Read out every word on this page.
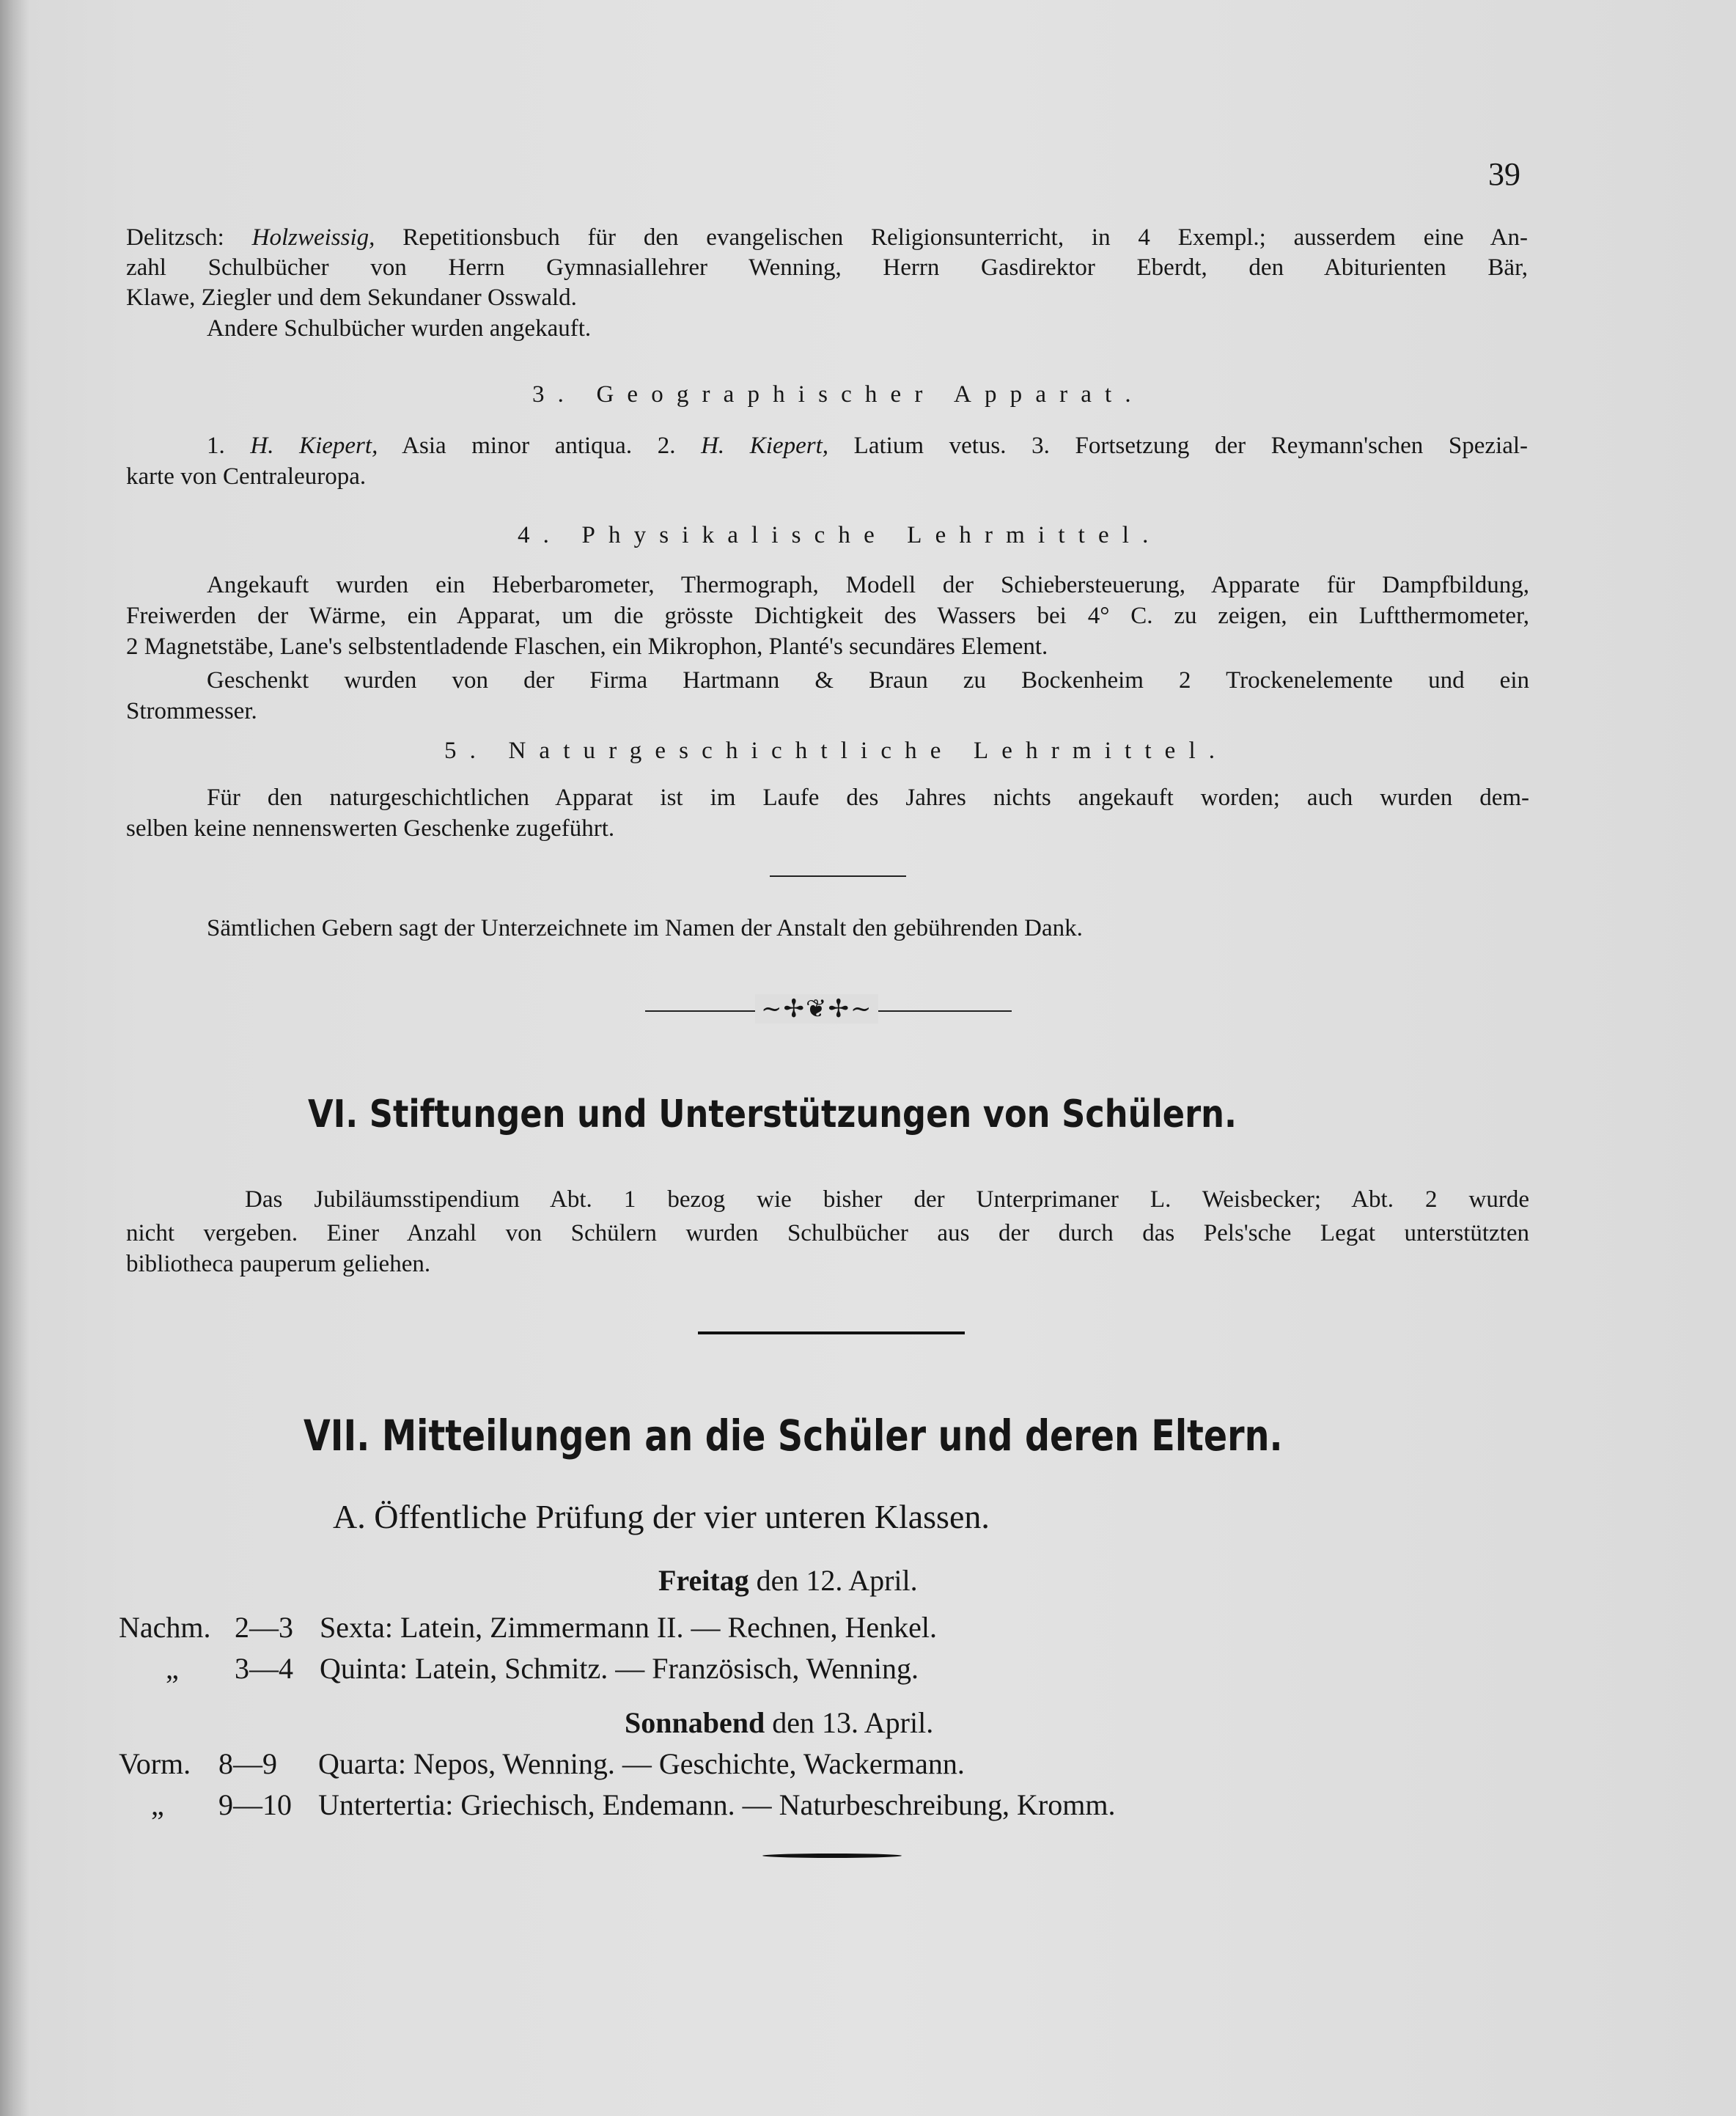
39
Delitzsch: Holzweissig, Repetitionsbuch für den evangelischen Religionsunterricht, in 4 Exempl.; ausserdem eine An-
zahl Schulbücher von Herrn Gymnasiallehrer Wenning, Herrn Gasdirektor Eberdt, den Abiturienten Bär,
Klawe, Ziegler und dem Sekundaner Osswald.
Andere Schulbücher wurden angekauft.
3. Geographischer Apparat.
1. H. Kiepert, Asia minor antiqua. 2. H. Kiepert, Latium vetus. 3. Fortsetzung der Reymann'schen Spezial-
karte von Centraleuropa.
4. Physikalische Lehrmittel.
Angekauft wurden ein Heberbarometer, Thermograph, Modell der Schiebersteuerung, Apparate für Dampfbildung,
Freiwerden der Wärme, ein Apparat, um die grösste Dichtigkeit des Wassers bei 4° C. zu zeigen, ein Luftthermometer,
2 Magnetstäbe, Lane's selbstentladende Flaschen, ein Mikrophon, Planté's secundäres Element.
Geschenkt wurden von der Firma Hartmann & Braun zu Bockenheim 2 Trockenelemente und ein
Strommesser.
5. Naturgeschichtliche Lehrmittel.
Für den naturgeschichtlichen Apparat ist im Laufe des Jahres nichts angekauft worden; auch wurden dem-
selben keine nennenswerten Geschenke zugeführt.
Sämtlichen Gebern sagt der Unterzeichnete im Namen der Anstalt den gebührenden Dank.
~✢❦✢~
VI. Stiftungen und Unterstützungen von Schülern.
Das Jubiläumsstipendium Abt. 1 bezog wie bisher der Unterprimaner L. Weisbecker; Abt. 2 wurde
nicht vergeben. Einer Anzahl von Schülern wurden Schulbücher aus der durch das Pels'sche Legat unterstützten
bibliotheca pauperum geliehen.
VII. Mitteilungen an die Schüler und deren Eltern.
A. Öffentliche Prüfung der vier unteren Klassen.
Freitag den 12. April.
Nachm. 2—3 Sexta: Latein, Zimmermann II. — Rechnen, Henkel.
„ 3—4 Quinta: Latein, Schmitz. — Französisch, Wenning.
Sonnabend den 13. April.
Vorm. 8—9 Quarta: Nepos, Wenning. — Geschichte, Wackermann.
„ 9—10 Untertertia: Griechisch, Endemann. — Naturbeschreibung, Kromm.
